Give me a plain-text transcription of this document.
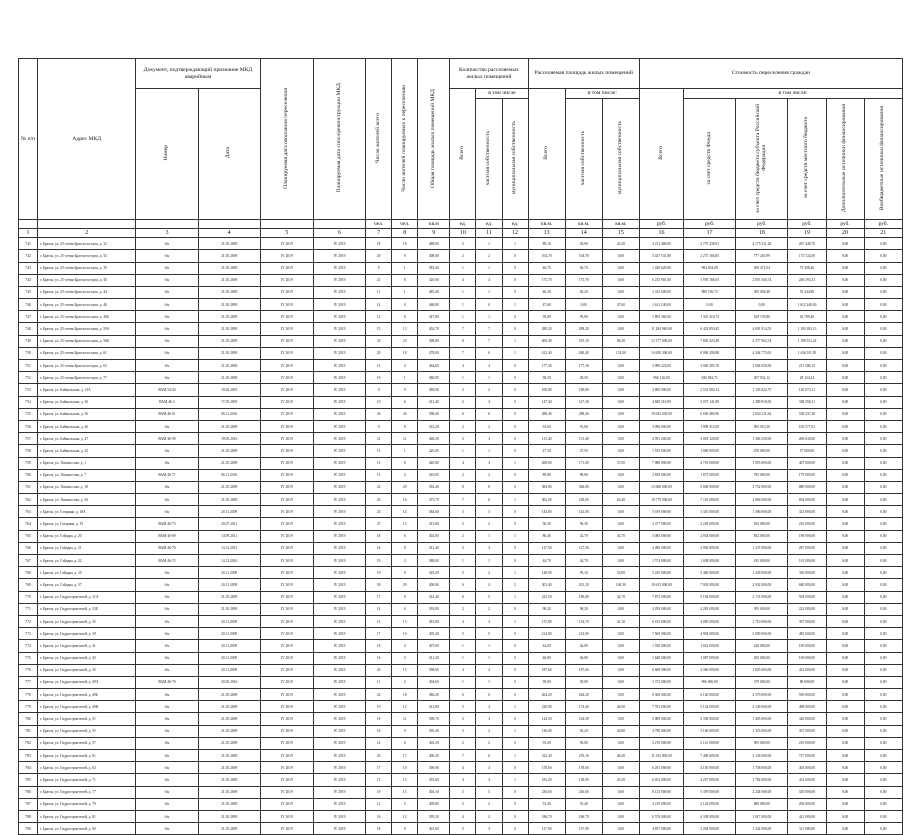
№ п/п	Адрес МКД	Документ, подтверждающий признание МКД аварийным		Планируемая дата окончания переселения	Планируемая дата сноса/реконструкции МКД	Число жителей всего	Число жителей планируемых к переселению	Общая площадь жилых помещений МКД	Количество расселяемых жилых помещений			Расселяемая площадь жилых помещений			Стоимость переселения граждан					
		Номер	Дата						Всего	в том числе		Всего	в том числе:		Всего	в том числе:				
										частная собственность	муниципальная собственность		частная собственность	муниципальная собственность		за счет средств Фонда	за счет средств бюджета субъекта Российской Федерации	за счет средств местного бюджета	Дополнительные источники финансирования	Внебюджетные источники финансирования
						чел.	чел.	кв.м	ед.	ед.	ед.	кв.м.	кв.м.	кв.м.	руб.	руб.	руб.	руб.	руб.	руб.
1	2	3	4	5	6	7	8	9	10	11	12	13	14	15	16	17	18	19	20	21
741	г. Братск, ул. 25-летия Братскгэсстроя, д. 32	б/н	21.05.2009	IV 2019	IV 2019	18	18	488,90	2	1	1	89,10	45,90	43,20	3 212 486,00	2 770 438,91	4 175 311,28	267 448,76	0,00	0,00
742	г. Братск, ул. 25-летия Братскгэсстроя, д. 33	б/н	21.05.2009	IV 2019	IV 2019	20	9	408,00	2	2	0	104,70	104,70	0,00	3 447 531,80	2 273 166,85	777 263,99	175 722,00	0,00	0,00
743	г. Братск, ул. 25-летия Братскгэсстроя, д. 39	б/н	21.05.2009	IV 2019	IV 2019	8	1	383,40	1	1	0	46,70	46,70	0,00	1 420 620,00	984 834,09	500 471,04	75 308,46	0,00	0,00
744	г. Братск, ул. 25-летия Братскгэсстроя, д. 40	б/н	21.05.2009	IV 2019	IV 2019	21	8	320,00	4	4	0	175,70	175,70	0,00	6 235 901,00	3 939 166,93	2 055 356,74	246 393,31	0,00	0,00
745	г. Братск, ул. 25-летия Братскгэсстроя, д. 44	б/н	21.05.2009	IV 2019	IV 2019	11	1	485,40	1	1	0	40,20	40,20	0,00	1 315 600,00	889 196,72	395 058,48	35 344,80	0,00	0,00
746	г. Братск, ул. 25-летия Братскгэсстроя, д. 46	б/н	21.05.2009	IV 2019	IV 2019	14	0	468,80	1	0	1	47,60	0,00	47,60	1 612 240,00	0,00	0,00	1 612 240,00	0,00	0,00
747	г. Братск, ул. 25-летия Братскгэсстроя, д. 46Б	б/н	21.05.2009	IV 2019	IV 2019	12	8	347,80	1	1	0	59,80	59,80	0,00	1 893 360,00	1 301 410,72	529 159,80	62 789,48	0,00	0,00
748	г. Братск, ул. 25-летия Братскгэсстроя, д. 50А	б/н	21.05.2009	IV 2019	IV 2019	15	13	402,70	7	7	0	289,20	289,20	0,00	11 284 940,00	6 422 850,45	4 091 914,53	1 190 385,13	0,00	0,00
749	г. Братск, ул. 25-летия Братскгэсстроя, д. 56Б	б/н	21.05.2009	IV 2019	IV 2019	23	23	398,80	8	7	1	409,40	315,10	94,30	13 177 000,00	7 849 323,49	4 277 962,54	1 198 531,24	0,00	0,00
750	г. Братск, ул. 25-летия Братскгэсстроя, д. 61	б/н	21.05.2009	IV 2019	IV 2019	20	18	478,00	7	6	1	412,40	260,40	152,00	14 650 200,00	8 096 290,88	4 344 773,63	1 446 911,95	0,00	0,00
751	г. Братск, ул. 25-летия Братскгэсстроя, д. 63	б/н	21.05.2009	IV 2019	IV 2019	13	4	464,60	4	4	0	177,30	177,30	0,00	5 996 323,00	3 940 585,76	2 094 630,90	211 508,13	0,00	0,00
752	г. Братск, ул. 25-летия Братскгэсстроя, д. 77	б/н	21.05.2009	IV 2019	IV 2019	19	1	386,90	1	1	0	38,50	38,50	0,00	966 120,00	630 963,71	307 032,12	28 124,24	0,00	0,00
753	г. Братск, ул. Байкальская, д. 13А	ВАМ 54-34	19.04.2005	IV 2019	IV 2019	9	9	389,00	2	2	0	100,80	100,80	0,00	3 800 000,00	2 531 904,14	1 103 022,75	165 073,11	0,00	0,00
754	г. Братск, ул. Байкальская, д. 36	ВАМ 46-2	17.05.2005	IV 2019	IV 2019	10	6	412,40	3	3	0	147,30	147,30	0,00	4 849 310,00	3 075 141,89	1 389 810,00	384 358,11	0,00	0,00
755	г. Братск, ул. Байкальская, д. 56	ВАМ 46-51	06.11.2016	IV 2019	IV 2019	26	26	398,40	6	6	0	288,40	288,40	0,00	10 043 030,00	6 650 480,96	2 854 211,64	538 337,40	0,00	0,00
756	г. Братск, ул. Байкальская, д. 46	б/н	21.05.2009	IV 2019	IV 2019	9	8	433,20	2	2	0	91,60	91,60	0,00	3 096 000,00	1 998 412,09	992 010,30	105 577,61	0,00	0,00
757	г. Братск, ул. Байкальская, д. 47	ВАМ 46-39	19.05.2016	IV 2019	IV 2019	21	11	468,20	3	3	0	131,40	131,40	0,00	4 591 200,00	3 018 320,00	1 366 250,00	206 630,00	0,00	0,00
758	г. Братск, ул. Байкальская, д. 25	б/н	21.05.2009	IV 2019	IV 2019	13	1	420,00	1	1	0	47,50	47,50	0,00	1 535 000,00	1 000 000,00	478 000,00	57 000,00	0,00	0,00
759	г. Братск, ул. Ломоносова, д. 1	б/н	21.05.2009	IV 2019	IV 2019	13	8	440,80	4	3	1	208,00	171,00	37,00	7 080 000,00	4 718 000,00	1 955 000,00	407 000,00	0,00	0,00
760	г. Братск, ул. Ломоносова, д. 7	ВАМ 46-71	06.11.2016	IV 2019	IV 2019	15	4	410,00	2	2	0	89,80	89,80	0,00	2 839 000,00	1 875 000,00	785 000,00	179 000,00	0,00	0,00
761	г. Братск, ул. Ломоносова, д. 18	б/н	21.05.2009	IV 2019	IV 2019	22	20	392,40	8	8	0	384,80	384,80	0,00	13 680 000,00	9 048 000,00	3 752 000,00	880 000,00	0,00	0,00
762	г. Братск, ул. Ломоносова, д. 26	б/н	21.05.2009	IV 2019	IV 2019	20	16	475,70	7	6	1	302,00	238,60	63,40	10 770 000,00	7 110 000,00	2 966 000,00	694 000,00	0,00	0,00
763	г. Братск, ул. Гагарина, д. 18А	б/н	20.11.2009	IV 2019	IV 2019	23	14	384,60	3	3	0	143,00	143,00	0,00	5 019 000,00	3 310 000,00	1 386 000,00	323 000,00	0,00	0,00
764	г. Братск, ул. Гагарина, д. 19	ВАМ 46-73	20.07.2011	IV 2019	IV 2019	27	13	413,80	2	2	0	96,30	96,30	0,00	3 377 000,00	2 228 000,00	933 000,00	216 000,00	0,00	0,00
765	г. Братск, ул. Гайдара, д. 20	ВАМ 46-69	14.09.2011	IV 2019	IV 2019	18	6	402,80	2	1	1	86,40	42,70	43,70	3 084 000,00	2 034 000,00	852 000,00	198 000,00	0,00	0,00
766	г. Братск, ул. Гайдара, д. 21	ВАМ 46-70	14.12.2015	IV 2019	IV 2019	16	8	412,40	3	3	0	127,50	127,50	0,00	4 480 000,00	2 956 000,00	1 237 000,00	287 000,00	0,00	0,00
767	г. Братск, ул. Гайдара, д. 22	ВАМ 46-72	14.12.2016	IV 2019	IV 2019	19	4	388,00	1	1	0	44,70	44,70	0,00	1 574 000,00	1 038 000,00	435 000,00	101 000,00	0,00	0,00
768	г. Братск, ул. Гайдара, д. 25	б/н	20.11.2009	IV 2019	IV 2019	19	9	418,20	3	2	1	148,90	95,10	53,80	5 245 000,00	3 460 000,00	1 449 000,00	336 000,00	0,00	0,00
769	г. Братск, ул. Гайдара, д. 37	б/н	20.11.2009	IV 2019	IV 2019	30	29	400,06	6	4	2	301,40	201,10	100,30	10 615 000,00	7 003 000,00	2 932 000,00	680 000,00	0,00	0,00
770	г. Братск, ул. Гидростроителей, д. 31А	б/н	21.05.2009	IV 2019	IV 2019	17	9	432,40	6	5	1	223,50	180,80	42,70	7 872 000,00	5 194 000,00	2 174 000,00	504 000,00	0,00	0,00
771	г. Братск, ул. Гидростроителей, д. 33Б	б/н	21.05.2009	IV 2019	IV 2019	14	6	393,80	2	2	0	98,20	98,20	0,00	3 459 000,00	2 282 000,00	955 000,00	222 000,00	0,00	0,00
772	г. Братск, ул. Гидростроителей, д. 35	б/н	20.11.2009	IV 2019	IV 2019	13	13	381,80	4	3	1	175,80	134,70	41,10	6 192 000,00	4 085 000,00	1 710 000,00	397 000,00	0,00	0,00
773	г. Братск, ул. Гидростроителей, д. 39	б/н	20.11.2009	IV 2019	IV 2019	17	10	405,40	5	5	0	214,90	214,90	0,00	7 569 000,00	4 994 000,00	2 090 000,00	485 000,00	0,00	0,00
774	г. Братск, ул. Гидростроителей, д. 41	б/н	20.11.2009	IV 2019	IV 2019	18	4	407,60	1	1	0	44,00	44,00	0,00	1 550 000,00	1 022 000,00	428 000,00	100 000,00	0,00	0,00
775	г. Братск, ул. Гидростроителей, д. 43	б/н	20.11.2009	IV 2019	IV 2019	16	3	411,20	1	1	0	46,80	46,80	0,00	1 648 000,00	1 087 000,00	455 000,00	106 000,00	0,00	0,00
776	г. Братск, ул. Гидростроителей, д. 45	б/н	20.11.2009	IV 2019	IV 2019	20	15	398,60	4	4	0	187,60	187,60	0,00	6 608 000,00	4 360 000,00	1 825 000,00	423 000,00	0,00	0,00
777	г. Братск, ул. Гидростроителей, д. 49А	ВАМ 46-70	30.05.2016	IV 2019	IV 2019	11	2	404,60	1	1	0	39,00	39,00	0,00	1 373 000,00	906 000,00	379 000,00	88 000,00	0,00	0,00
778	г. Братск, ул. Гидростроителей, д. 49Б	б/н	21.05.2009	IV 2019	IV 2019	22	18	386,20	6	6	0	264,20	264,20	0,00	9 306 000,00	6 140 000,00	2 570 000,00	596 000,00	0,00	0,00
779	г. Братск, ул. Гидростроителей, д. 49В	б/н	21.05.2009	IV 2019	IV 2019	19	12	412,80	5	4	1	220,90	174,40	46,50	7 781 000,00	5 134 000,00	2 149 000,00	498 000,00	0,00	0,00
780	г. Братск, ул. Гидростроителей, д. 51	б/н	21.05.2009	IV 2019	IV 2019	18	11	398,70	3	3	0	144,50	144,50	0,00	5 089 000,00	3 358 000,00	1 405 000,00	326 000,00	0,00	0,00
781	г. Братск, ул. Гидростроителей, д. 55	б/н	21.05.2009	IV 2019	IV 2019	16	9	395,40	3	2	1	136,00	92,20	43,80	4 790 000,00	3 160 000,00	1 323 000,00	307 000,00	0,00	0,00
782	г. Братск, ул. Гидростроителей, д. 57	б/н	21.05.2009	IV 2019	IV 2019	14	6	402,30	2	2	0	93,00	93,00	0,00	3 276 000,00	2 161 000,00	905 000,00	210 000,00	0,00	0,00
783	г. Братск, ул. Гидростроителей, д. 61	б/н	21.05.2009	IV 2019	IV 2019	20	17	400,20	7	6	1	322,30	276,10	46,20	11 353 000,00	7 490 000,00	3 136 000,00	727 000,00	0,00	0,00
784	г. Братск, ул. Гидростроителей, д. 63	б/н	21.05.2009	IV 2019	IV 2019	17	10	396,90	4	4	0	178,60	178,60	0,00	6 291 000,00	4 150 000,00	1 738 000,00	403 000,00	0,00	0,00
785	г. Братск, ул. Гидростроителей, д. 71	б/н	21.05.2009	IV 2019	IV 2019	15	13	393,60	4	3	1	183,20	138,00	45,20	6 453 000,00	4 257 000,00	1 782 000,00	414 000,00	0,00	0,00
786	г. Братск, ул. Гидростроителей, д. 77	б/н	21.05.2009	IV 2019	IV 2019	19	15	404,10	5	5	0	230,60	230,60	0,00	8 123 000,00	5 359 000,00	2 244 000,00	520 000,00	0,00	0,00
787	г. Братск, ул. Гидростроителей, д. 79	б/н	21.05.2009	IV 2019	IV 2019	12	5	409,80	2	2	0	91,40	91,40	0,00	3 219 000,00	2 124 000,00	889 000,00	206 000,00	0,00	0,00
788	г. Братск, ул. Гидростроителей, д. 81	б/н	21.05.2009	IV 2019	IV 2019	16	12	395,20	4	4	0	186,70	186,70	0,00	6 576 000,00	4 338 000,00	1 817 000,00	421 000,00	0,00	0,00
789	г. Братск, ул. Гидростроителей, д. 83	б/н	21.05.2009	IV 2019	IV 2019	18	9	401,60	3	3	0	137,90	137,90	0,00	4 857 000,00	3 204 000,00	1 342 000,00	311 000,00	0,00	0,00
